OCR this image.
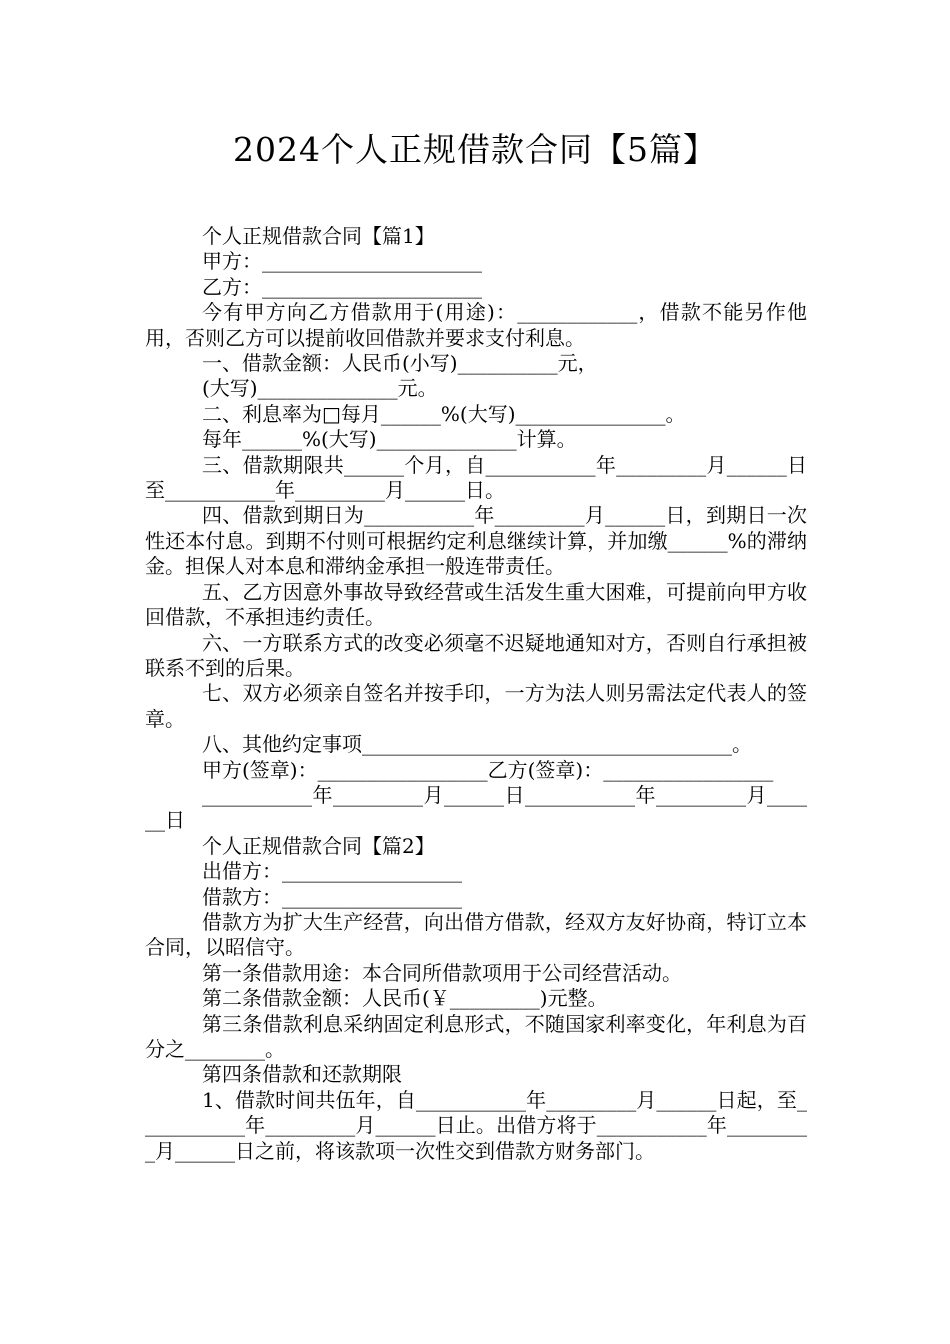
2024个人正规借款合同【5篇】

个人正规借款合同【篇1】

甲方：______________________

乙方：______________________

今有甲方向乙方借款用于(用途)：____________，借款不能另作他用，否则乙方可以提前收回借款并要求支付利息。

一、借款金额：人民币(小写)__________元，

(大写)______________元。

二、利息率为□每月______%(大写)_______________。

每年______%(大写)______________计算。

三、借款期限共______个月，自___________年_________月______日至___________年_________月______日。

四、借款到期日为___________年_________月______日，到期日一次性还本付息。到期不付则可根据约定利息继续计算，并加缴______%的滞纳金。担保人对本息和滞纳金承担一般连带责任。

五、乙方因意外事故导致经营或生活发生重大困难，可提前向甲方收回借款，不承担违约责任。

六、一方联系方式的改变必须毫不迟疑地通知对方，否则自行承担被联系不到的后果。

七、双方必须亲自签名并按手印，一方为法人则另需法定代表人的签章。

八、其他约定事项_____________________________________。

甲方(签章)：_________________乙方(签章)：_________________

___________年_________月______日___________年_________月______日

个人正规借款合同【篇2】

出借方：__________________

借款方：__________________

借款方为扩大生产经营，向出借方借款，经双方友好协商，特订立本合同，以昭信守。

第一条借款用途：本合同所借款项用于公司经营活动。

第二条借款金额：人民币(￥_________)元整。

第三条借款利息采纳固定利息形式，不随国家利率变化，年利息为百分之________。

第四条借款和还款期限

1、借款时间共伍年，自___________年_________月______日起，至___________年_________月______日止。出借方将于___________年_________月______日之前，将该款项一次性交到借款方财务部门。
